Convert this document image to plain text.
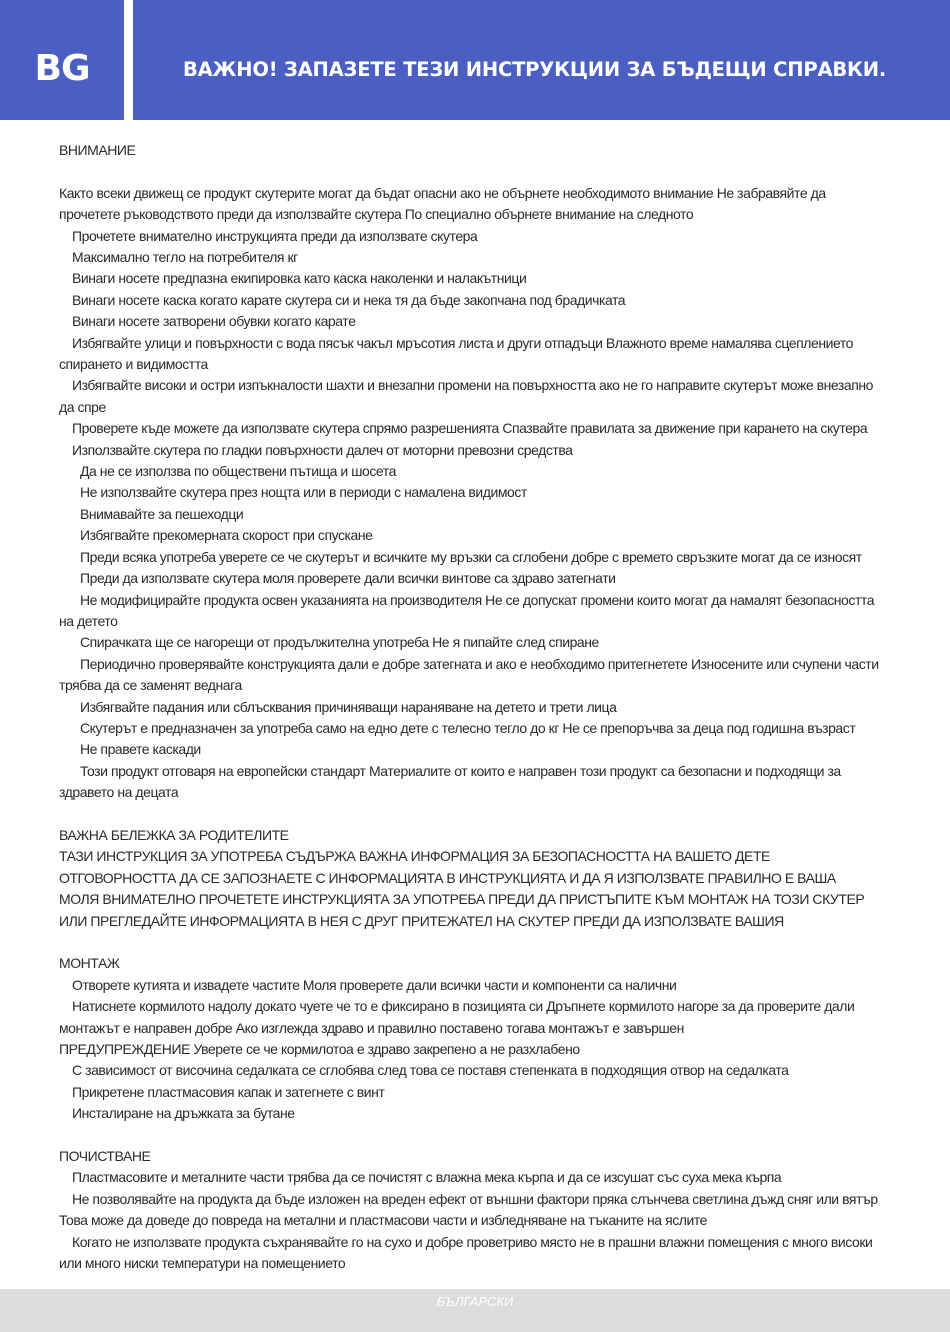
BG	ВАЖНО! ЗАПАЗЕТЕ ТЕЗИ ИНСТРУКЦИИ ЗА БЪДЕЩИ СПРАВКИ.

ВНИМАНИЕ

Както всеки движещ се продукт скутерите могат да бъдат опасни ако не обърнете необходимото внимание Не забравяйте да прочетете ръководството преди да използвайте скутера По специално обърнете внимание на следното

Прочетете внимателно инструкцията преди да използвате скутера

Максимално тегло на потребителя кг

Винаги носете предпазна екипировка като каска наколенки и налакътници

Винаги носете каска когато карате скутера си и нека тя да бъде закопчана под брадичката

Винаги носете затворени обувки когато карате

Избягвайте улици и повърхности с вода пясък чакъл мръсотия листа и други отпадъци Влажното време намалява сцеплението спирането и видимостта

Избягвайте високи и остри изпъкналости шахти и внезапни промени на повърхността ако не го направите скутерът може внезапно да спре

Проверете къде можете да използвате скутера спрямо разрешенията Спазвайте правилата за движение при карането на скутера

Използвайте скутера по гладки повърхности далеч от моторни превозни средства

Да не се използва по обществени пътища и шосета

Не използвайте скутера през нощта или в периоди с намалена видимост

Внимавайте за пешеходци

Избягвайте прекомерната скорост при спускане

Преди всяка употреба уверете се че скутерът и всичките му връзки са сглобени добре с времето свръзките могат да се износят

Преди да използвате скутера моля проверете дали всички винтове са здраво затегнати

Не модифицирайте продукта освен указанията на производителя Не се допускат промени които могат да намалят безопасността на детето

Спирачката ще се нагорещи от продължителна употреба Не я пипайте след спиране

Периодично проверявайте конструкцията дали е добре затегната и ако е необходимо притегнетете Износените или счупени части трябва да се заменят веднага

Избягвайте падания или сблъсквания причиняващи нараняване на детето и трети лица

Скутерът е предназначен за употреба само на едно дете с телесно тегло до кг Не се препоръчва за деца под годишна възраст

Не правете каскади

Този продукт отговаря на европейски стандарт Материалите от които е направен този продукт са безопасни и подходящи за здравето на децата

ВАЖНА БЕЛЕЖКА ЗА РОДИТЕЛИТЕ

ТАЗИ ИНСТРУКЦИЯ ЗА УПОТРЕБА СЪДЪРЖА ВАЖНА ИНФОРМАЦИЯ ЗА БЕЗОПАСНОСТТА НА ВАШЕТО ДЕТЕ ОТГОВОРНОСТТА ДА СЕ ЗАПОЗНАЕТЕ С ИНФОРМАЦИЯТА В ИНСТРУКЦИЯТА И ДА Я ИЗПОЛЗВАТЕ ПРАВИЛНО Е ВАША

МОЛЯ ВНИМАТЕЛНО ПРОЧЕТЕТЕ ИНСТРУКЦИЯТА ЗА УПОТРЕБА ПРЕДИ ДА ПРИСТЪПИТЕ КЪМ МОНТАЖ НА ТОЗИ СКУТЕР ИЛИ ПРЕГЛЕДАЙТЕ ИНФОРМАЦИЯТА В НЕЯ С ДРУГ ПРИТЕЖАТЕЛ НА СКУТЕР ПРЕДИ ДА ИЗПОЛЗВАТЕ ВАШИЯ

МОНТАЖ

Отворете кутията и извадете частите Моля проверете дали всички части и компоненти са налични

Натиснете кормилото надолу докато чуете че то е фиксирано в позицията си Дръпнете кормилото нагоре за да проверите дали монтажът е направен добре Ако изглежда здраво и правилно поставено тогава монтажът е завършен

ПРЕДУПРЕЖДЕНИЕ Уверете се че кормилотоа е здраво закрепено а не разхлабено

С зависимост от височина седалката се сглобява след това се поставя степенката в подходящия отвор на седалката

Прикретене пластмасовия капак и затегнете с винт

Инсталиране на дръжката за бутане

ПОЧИСТВАНЕ

Пластмасовите и металните части трябва да се почистят с влажна мека кърпа и да се изсушат със суха мека кърпа

Не позволявайте на продукта да бъде изложен на вреден ефект от външни фактори пряка слънчева светлина дъжд сняг или вятър Това може да доведе до повреда на метални и пластмасови части и избледняване на тъканите на яслите

Когато не използвате продукта съхранявайте го на сухо и добре проветриво място не в прашни влажни помещения с много високи или много ниски температури на помещението

БЪЛГАРСКИ
